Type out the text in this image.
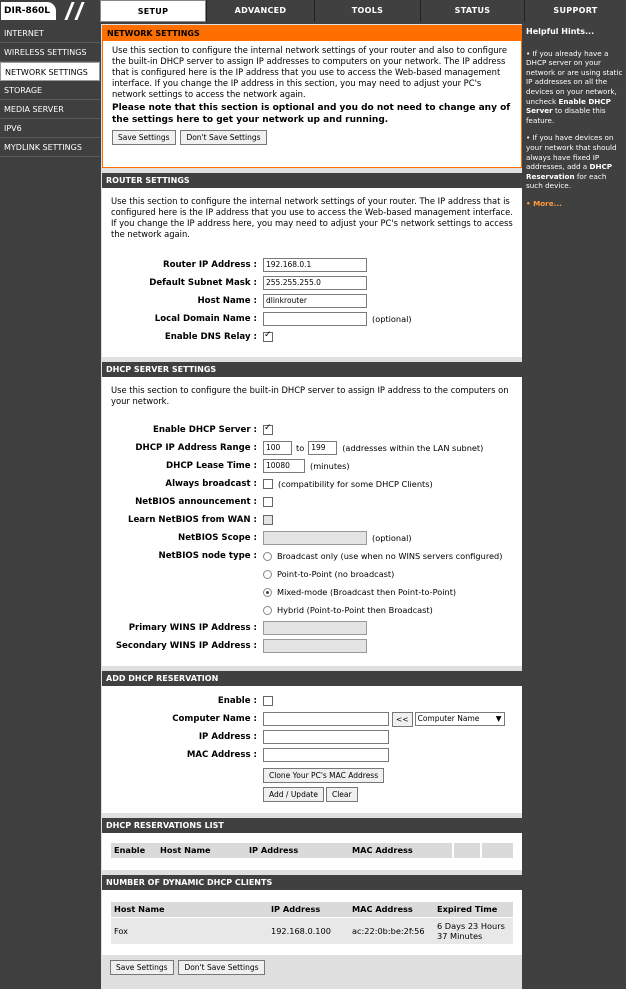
DIR-860L	SETUP	ADVANCED	TOOLS	STATUS	SUPPORT
INTERNET
WIRELESS SETTINGS
NETWORK SETTINGS
STORAGE
MEDIA SERVER
IPV6
MYDLINK SETTINGS
NETWORK SETTINGS
Use this section to configure the internal network settings of your router and also to configure the built-in DHCP server to assign IP addresses to computers on your network. The IP address that is configured here is the IP address that you use to access the Web-based management interface. If you change the IP address in this section, you may need to adjust your PC's network settings to access the network again.
Please note that this section is optional and you do not need to change any of the settings here to get your network up and running.
Save Settings Don't Save Settings
ROUTER SETTINGS
Use this section to configure the internal network settings of your router. The IP address that is configured here is the IP address that you use to access the Web-based management interface. If you change the IP address here, you may need to adjust your PC's network settings to access the network again.
Router IP Address :	192.168.0.1
Default Subnet Mask :	255.255.255.0
Host Name :	dlinkrouter
Local Domain Name :	(optional)
Enable DNS Relay :
✓
DHCP SERVER SETTINGS
Use this section to configure the built-in DHCP server to assign IP address to the computers on your network.
Enable DHCP Server :
✓
DHCP IP Address Range :	100	to 199	(addresses within the LAN subnet)
DHCP Lease Time :	10080	(minutes)
Always broadcast :	(compatibility for some DHCP Clients)
NetBIOS announcement :
Learn NetBIOS from WAN :
NetBIOS Scope :	(optional)
NetBIOS node type : Broadcast only (use when no WINS servers configured)
Point-to-Point (no broadcast)
Mixed-mode (Broadcast then Point-to-Point)
Hybrid (Point-to-Point then Broadcast)
Primary WINS IP Address :
Secondary WINS IP Address :
ADD DHCP RESERVATION
Enable :
Computer Name :	<<	Computer Name ▼
IP Address :
MAC Address :
Clone Your PC's MAC Address
Add / Update	Clear
DHCP RESERVATIONS LIST
Enable	Host Name	IP Address	MAC Address
NUMBER OF DYNAMIC DHCP CLIENTS
Host Name	IP Address	MAC Address	Expired Time
Fox	192.168.0.100	ac:22:0b:be:2f:56	6 Days 23 Hours 37 Minutes
Save Settings Don't Save Settings
Helpful Hints...
• If you already have a DHCP server on your network or are using static IP addresses on all the devices on your network, uncheck Enable DHCP Server to disable this feature.
• If you have devices on your network that should always have fixed IP addresses, add a DHCP Reservation for each such device.
• More...
